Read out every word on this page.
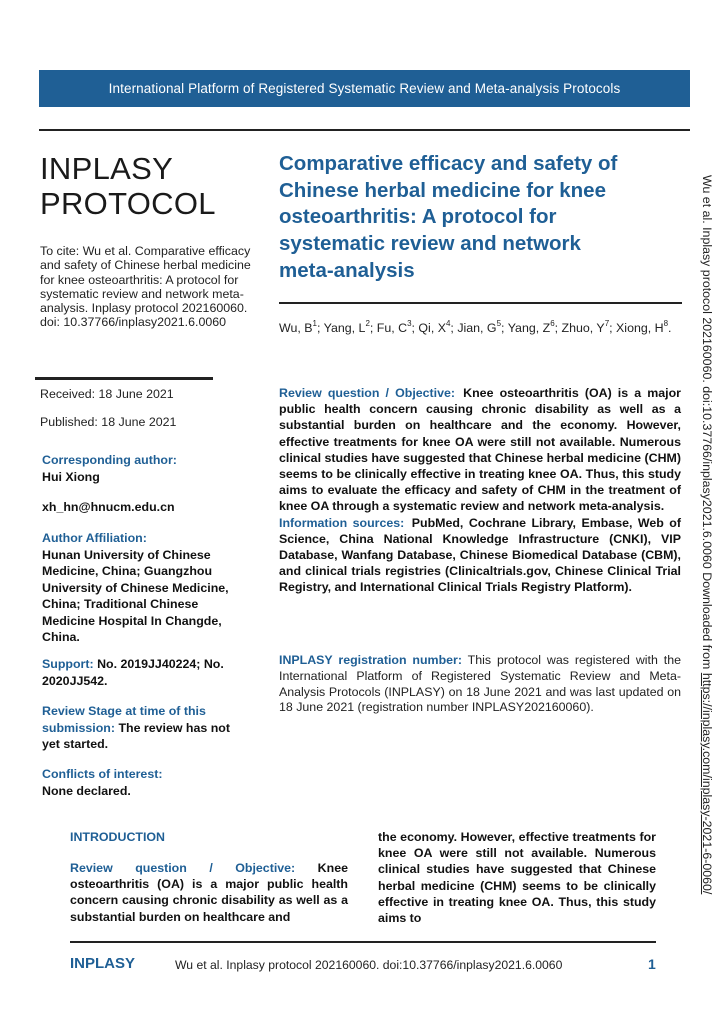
International Platform of Registered Systematic Review and Meta-analysis Protocols
INPLASY
PROTOCOL
To cite: Wu et al. Comparative efficacy and safety of Chinese herbal medicine for knee osteoarthritis: A protocol for systematic review and network meta-analysis. Inplasy protocol 202160060. doi: 10.37766/inplasy2021.6.0060
Received: 18 June 2021
Published: 18 June 2021
Corresponding author:
Hui Xiong
xh_hn@hnucm.edu.cn
Author Affiliation:
Hunan University of Chinese Medicine, China; Guangzhou University of Chinese Medicine, China; Traditional Chinese Medicine Hospital In Changde, China.
Support: No. 2019JJ40224; No. 2020JJ542.
Review Stage at time of this submission: The review has not yet started.
Conflicts of interest:
None declared.
Comparative efficacy and safety of Chinese herbal medicine for knee osteoarthritis: A protocol for systematic review and network meta-analysis
Wu, $B^1$; Yang, $L^2$; Fu, $C^3$; Qi, $X^4$; Jian, $G^5$; Yang, $Z^6$; Zhuo, $Y^7$; Xiong, $H^8$.

Review question / Objective: Knee osteoarthritis (OA) is a major public health concern causing chronic disability as well as a substantial burden on healthcare and the economy. However, effective treatments for knee OA were still not available. Numerous clinical studies have suggested that Chinese herbal medicine (CHM) seems to be clinically effective in treating knee OA. Thus, this study aims to evaluate the efficacy and safety of CHM in the treatment of knee OA through a systematic review and network meta-analysis.

Information sources: PubMed, Cochrane Library, Embase, Web of Science, China National Knowledge Infrastructure (CNKI), VIP Database, Wanfang Database, Chinese Biomedical Database (CBM), and clinical trials registries (Clinicaltrials.gov, Chinese Clinical Trial Registry, and International Clinical Trials Registry Platform).

INPLASY registration number: This protocol was registered with the International Platform of Registered Systematic Review and Meta-Analysis Protocols (INPLASY) on 18 June 2021 and was last updated on 18 June 2021 (registration number INPLASY202160060).
Wu et al. Inplasy protocol 202160060. doi:10.37766/inplasy2021.6.0060 Downloaded from https://inplasy.com/inplasy-2021-6-0060/
INTRODUCTION
Review question / Objective: Knee osteoarthritis (OA) is a major public health concern causing chronic disability as well as a substantial burden on healthcare and
the economy. However, effective treatments for knee OA were still not available. Numerous clinical studies have suggested that Chinese herbal medicine (CHM) seems to be clinically effective in treating knee OA. Thus, this study aims to
INPLASY	Wu et al. Inplasy protocol 202160060. doi:10.37766/inplasy2021.6.0060	1
